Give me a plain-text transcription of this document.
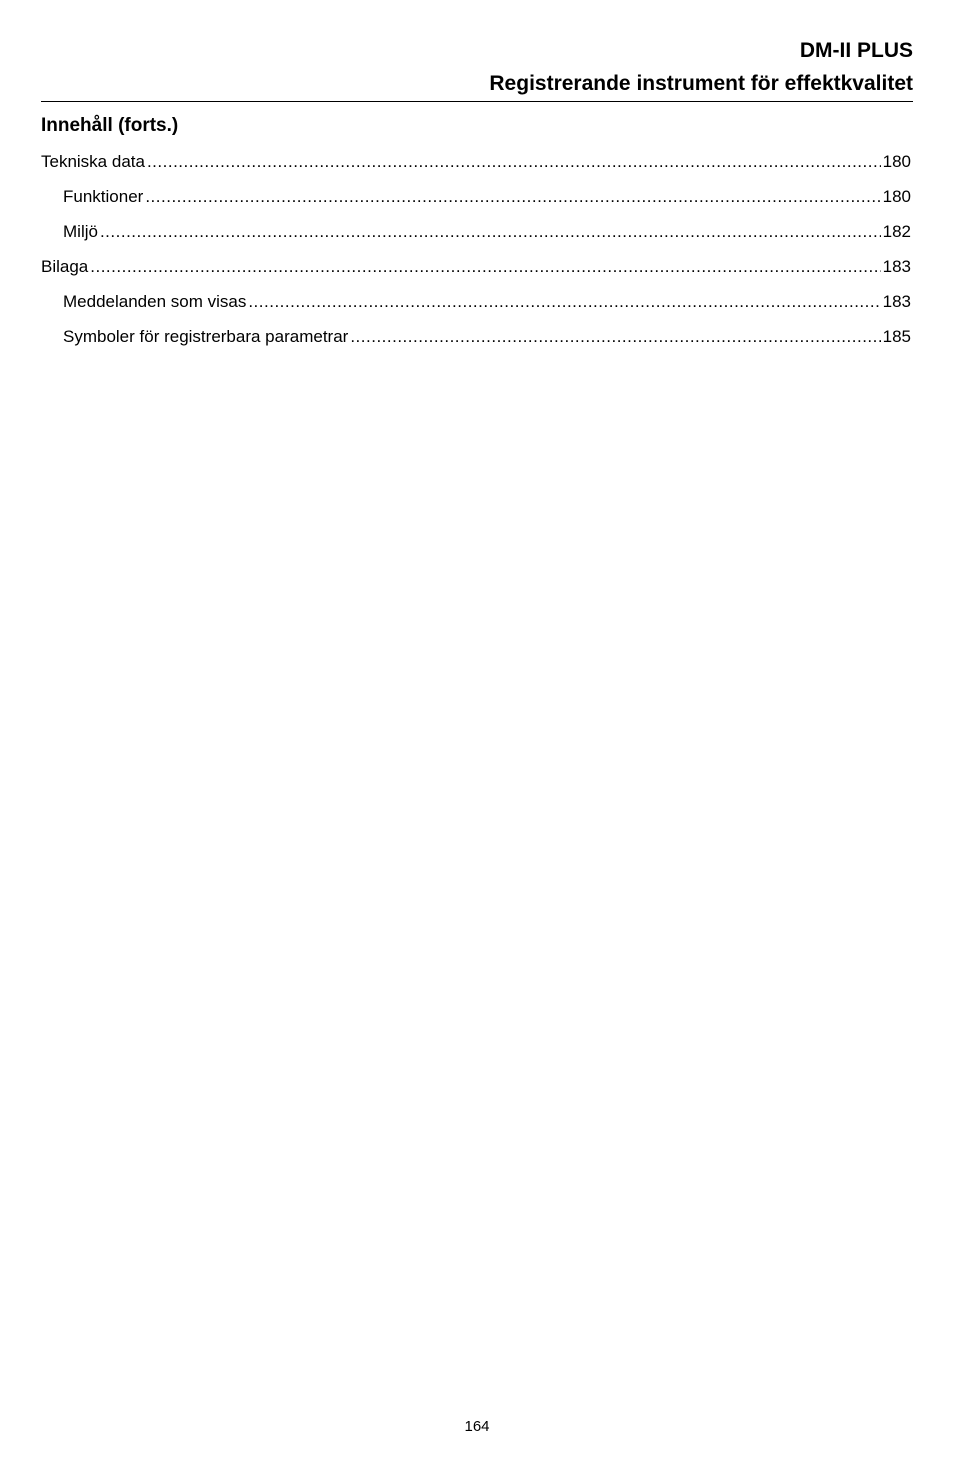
DM-II PLUS
Registrerande instrument för effektkvalitet
Innehåll (forts.)
Tekniska data .....	180
Funktioner .....	180
Miljö .....	182
Bilaga .....	183
Meddelanden som visas .....	183
Symboler för registrerbara parametrar .....	185
164
